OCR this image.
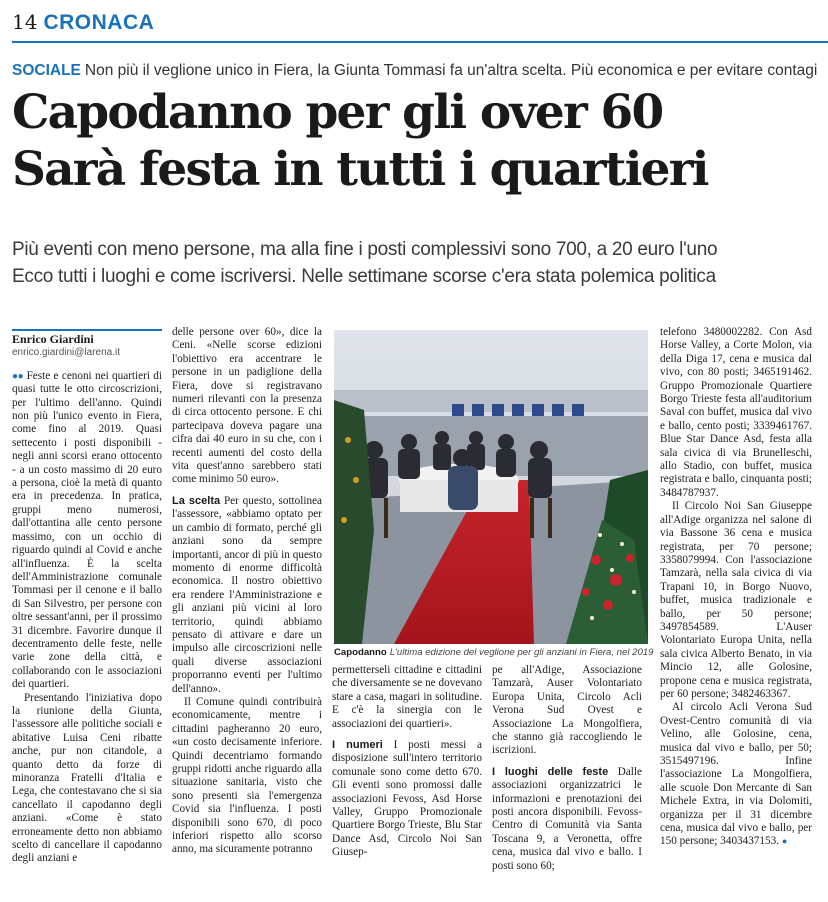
14 CRONACA
SOCIALE Non più il veglione unico in Fiera, la Giunta Tommasi fa un'altra scelta. Più economica e per evitare contagi
Capodanno per gli over 60
Sarà festa in tutti i quartieri
Più eventi con meno persone, ma alla fine i posti complessivi sono 700, a 20 euro l'uno
Ecco tutti i luoghi e come iscriversi. Nelle settimane scorse c'era stata polemica politica
Enrico Giardini
enrico.giardini@larena.it

●● Feste e cenoni nei quartieri di quasi tutte le otto circoscrizioni, per l'ultimo dell'anno. Quindi non più l'unico evento in Fiera, come fino al 2019. Quasi settecento i posti disponibili - negli anni scorsi erano ottocento - a un costo massimo di 20 euro a persona, cioè la metà di quanto era in precedenza. In pratica, gruppi meno numerosi, dall'ottantina alle cento persone massimo, con un occhio di riguardo quindi al Covid e anche all'influenza. È la scelta dell'Amministrazione comunale Tommasi per il cenone e il ballo di San Silvestro, per persone con oltre sessant'anni, per il prossimo 31 dicembre. Favorire dunque il decentramento delle feste, nelle varie zone della città, e collaborando con le associazioni dei quartieri.

Presentando l'iniziativa dopo la riunione della Giunta, l'assessore alle politiche sociali e abitative Luisa Ceni ribatte anche, pur non citandole, a quanto detto da forze di minoranza Fratelli d'Italia e Lega, che contestavano che si sia cancellato il capodanno degli anziani. «Come è stato erroneamente detto non abbiamo scelto di cancellare il capodanno degli anziani e

delle persone over 60», dice la Ceni. «Nelle scorse edizioni l'obiettivo era accentrare le persone in un padiglione della Fiera, dove si registravano numeri rilevanti con la presenza di circa ottocento persone. E chi partecipava doveva pagare una cifra dai 40 euro in su che, con i recenti aumenti del costo della vita quest'anno sarebbero stati come minimo 50 euro».

La scelta Per questo, sottolinea l'assessore, «abbiamo optato per un cambio di formato, perché gli anziani sono da sempre importanti, ancor di più in questo momento di enorme difficoltà economica. Il nostro obiettivo era rendere l'Amministrazione e gli anziani più vicini al loro territorio, quindi abbiamo pensato di attivare e dare un impulso alle circoscrizioni nelle quali diverse associazioni proporranno eventi per l'ultimo dell'anno».

Il Comune quindi contribuirà economicamente, mentre i cittadini pagheranno 20 euro, «un costo decisamente inferiore. Quindi decentriamo formando gruppi ridotti anche riguardo alla situazione sanitaria, visto che sono presenti sia l'emergenza Covid sia l'influenza. I posti disponibili sono 670, di poco inferiori rispetto allo scorso anno, ma sicuramente potranno

Capodanno L'ultima edizione del veglione per gli anziani in Fiera, nel 2019

permetterseli cittadine e cittadini che diversamente se ne dovevano stare a casa, magari in solitudine. E c'è la sinergia con le associazioni dei quartieri».

I numeri I posti messi a disposizione sull'intero territorio comunale sono come detto 670. Gli eventi sono promossi dalle associazioni Fevoss, Asd Horse Valley, Gruppo Promozionale Quartiere Borgo Trieste, Blu Star Dance Asd, Circolo Noi San Giusep-

pe all'Adige, Associazione Tamzarà, Auser Volontariato Europa Unita, Circolo Acli Verona Sud Ovest e Associazione La Mongolfiera, che stanno già raccogliendo le iscrizioni.

I luoghi delle feste Dalle associazioni organizzatrici le informazioni e prenotazioni dei posti ancora disponibili. Fevoss-Centro di Comunità via Santa Toscana 9, a Veronetta, offre cena, musica dal vivo e ballo. I posti sono 60;

telefono 3480002282. Con Asd Horse Valley, a Corte Molon, via della Diga 17, cena e musica dal vivo, con 80 posti; 3465191462. Gruppo Promozionale Quartiere Borgo Trieste festa all'auditorium Saval con buffet, musica dal vivo e ballo, cento posti; 3339461767. Blue Star Dance Asd, festa alla sala civica di via Brunelleschi, allo Stadio, con buffet, musica registrata e ballo, cinquanta posti; 3484787937.

Il Circolo Noi San Giuseppe all'Adige organizza nel salone di via Bassone 36 cena e musica registrata, per 70 persone; 3358079994. Con l'associazione Tamzarà, nella sala civica di via Trapani 10, in Borgo Nuovo, buffet, musica tradizionale e ballo, per 50 persone; 3497854589. L'Auser Volontariato Europa Unita, nella sala civica Alberto Benato, in via Mincio 12, alle Golosine, propone cena e musica registrata, per 60 persone; 3482463367.

Al circolo Acli Verona Sud Ovest-Centro comunità di via Velino, alle Golosine, cena, musica dal vivo e ballo, per 50; 3515497196. Infine l'associazione La Mongolfiera, alle scuole Don Mercante di San Michele Extra, in via Dolomiti, organizza per il 31 dicembre cena, musica dal vivo e ballo, per 150 persone; 3403437153. ●
